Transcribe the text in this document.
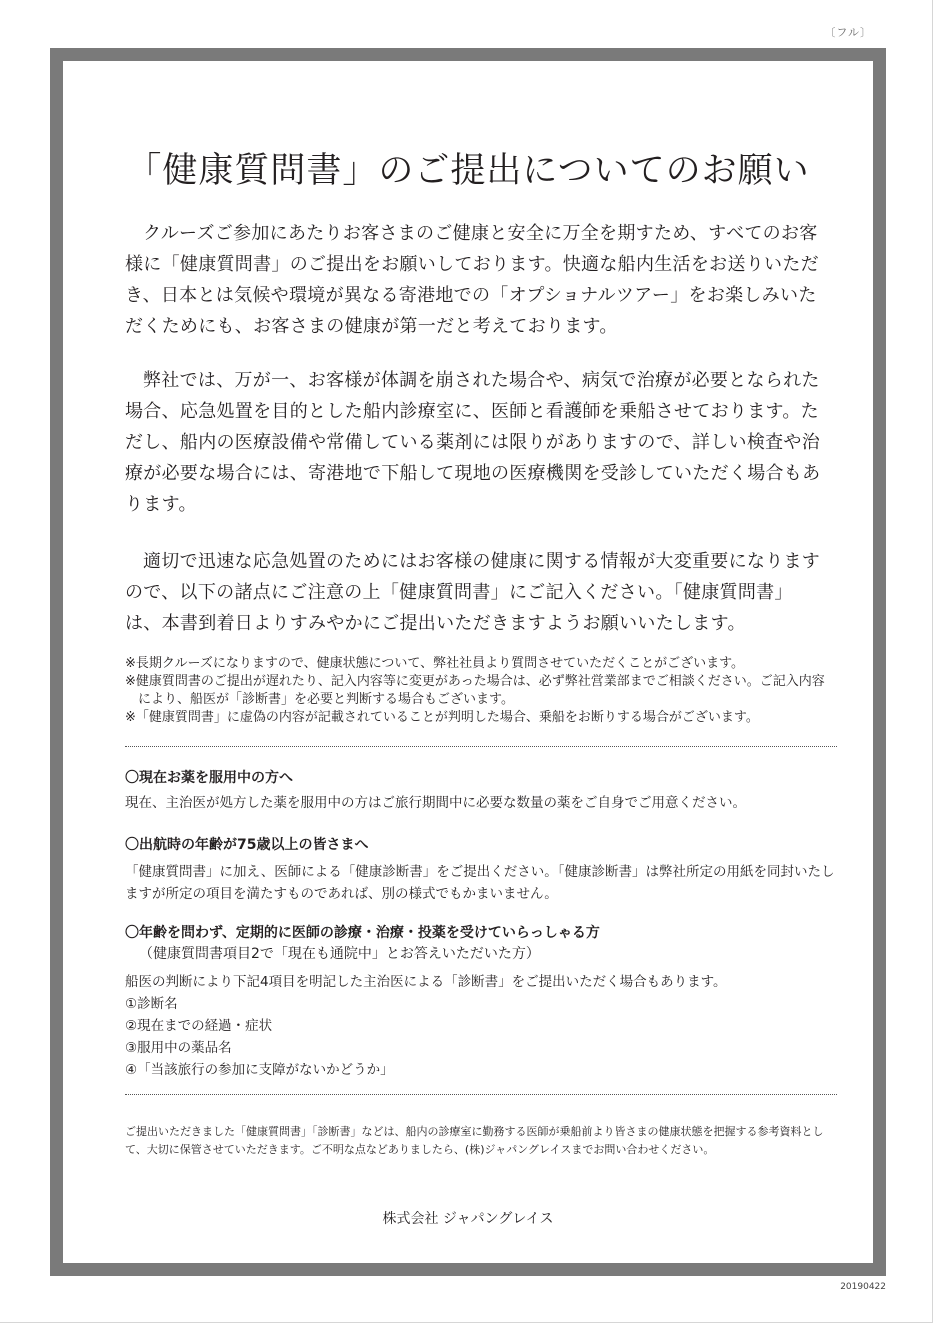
〔フル〕
「健康質問書」のご提出についてのお願い

クルーズご参加にあたりお客さまのご健康と安全に万全を期すため、すべてのお客様に「健康質問書」のご提出をお願いしております。快適な船内生活をお送りいただき、日本とは気候や環境が異なる寄港地での「オプショナルツアー」をお楽しみいただくためにも、お客さまの健康が第一だと考えております。

弊社では、万が一、お客様が体調を崩された場合や、病気で治療が必要となられた場合、応急処置を目的とした船内診療室に、医師と看護師を乗船させております。ただし、船内の医療設備や常備している薬剤には限りがありますので、詳しい検査や治療が必要な場合には、寄港地で下船して現地の医療機関を受診していただく場合もあります。

適切で迅速な応急処置のためにはお客様の健康に関する情報が大変重要になりますので、以下の諸点にご注意の上「健康質問書」にご記入ください。「健康質問書」は、本書到着日よりすみやかにご提出いただきますようお願いいたします。

※長期クルーズになりますので、健康状態について、弊社社員より質問させていただくことがございます。
※健康質問書のご提出が遅れたり、記入内容等に変更があった場合は、必ず弊社営業部までご相談ください。ご記入内容により、船医が「診断書」を必要と判断する場合もございます。
※「健康質問書」に虚偽の内容が記載されていることが判明した場合、乗船をお断りする場合がございます。

〇現在お薬を服用中の方へ

現在、主治医が処方した薬を服用中の方はご旅行期間中に必要な数量の薬をご自身でご用意ください。

〇出航時の年齢が75歳以上の皆さまへ

「健康質問書」に加え、医師による「健康診断書」をご提出ください。「健康診断書」は弊社所定の用紙を同封いたしますが所定の項目を満たすものであれば、別の様式でもかまいません。

〇年齢を問わず、定期的に医師の診療・治療・投薬を受けていらっしゃる方

（健康質問書項目2で「現在も通院中」とお答えいただいた方）

船医の判断により下記4項目を明記した主治医による「診断書」をご提出いただく場合もあります。

①診断名
②現在までの経過・症状
③服用中の薬品名
④「当該旅行の参加に支障がないかどうか」

ご提出いただきました「健康質問書」「診断書」などは、船内の診療室に勤務する医師が乗船前より皆さまの健康状態を把握する参考資料として、大切に保管させていただきます。ご不明な点などありましたら、(株)ジャパングレイスまでお問い合わせください。

株式会社 ジャパングレイス

20190422
